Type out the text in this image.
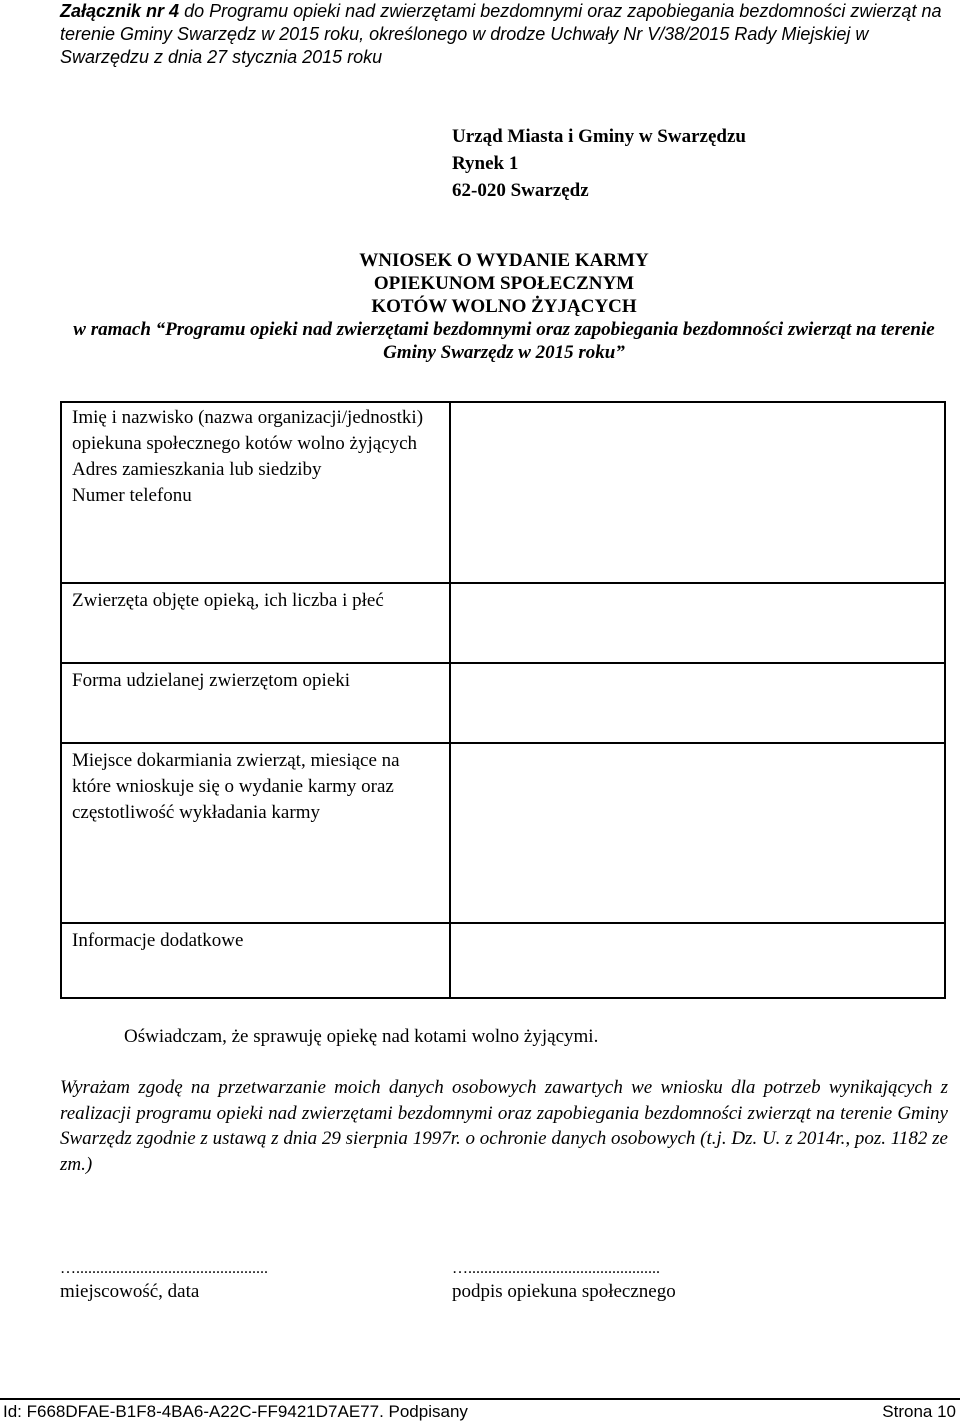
Załącznik nr 4 do Programu opieki nad zwierzętami bezdomnymi oraz zapobiegania bezdomności zwierząt na terenie Gminy Swarzędz w 2015 roku, określonego w drodze Uchwały Nr V/38/2015 Rady Miejskiej w Swarzędzu z dnia 27 stycznia 2015 roku
Urząd Miasta i Gminy w Swarzędzu
Rynek 1
62-020 Swarzędz
WNIOSEK O WYDANIE KARMY
OPIEKUNOM SPOŁECZNYM
KOTÓW WOLNO ŻYJĄCYCH
w ramach “Programu opieki nad zwierzętami bezdomnymi oraz zapobiegania bezdomności zwierząt na terenie Gminy Swarzędz w 2015 roku”
Imię i nazwisko (nazwa organizacji/jednostki) opiekuna społecznego kotów wolno żyjących
Adres zamieszkania lub siedziby
Numer telefonu	

Zwierzęta objęte opieką, ich liczba i płeć	
Forma udzielanej zwierzętom opieki	
Miejsce dokarmiania zwierząt, miesiące na które wnioskuje się o wydanie karmy oraz częstotliwość wykładania karmy	
Informacje dodatkowe	
Oświadczam, że sprawuję opiekę nad kotami wolno żyjącymi.
Wyrażam zgodę na przetwarzanie moich danych osobowych zawartych we wniosku dla potrzeb wynikających z realizacji programu opieki nad zwierzętami bezdomnymi oraz zapobiegania bezdomności zwierząt na terenie Gminy Swarzędz zgodnie z ustawą z dnia 29 sierpnia 1997r. o ochronie danych osobowych (t.j. Dz. U. z 2014r., poz. 1182 ze zm.)
…................................................
miejscowość, data
…................................................
podpis opiekuna społecznego
Id: F668DFAE-B1F8-4BA6-A22C-FF9421D7AE77. Podpisany	Strona 10
